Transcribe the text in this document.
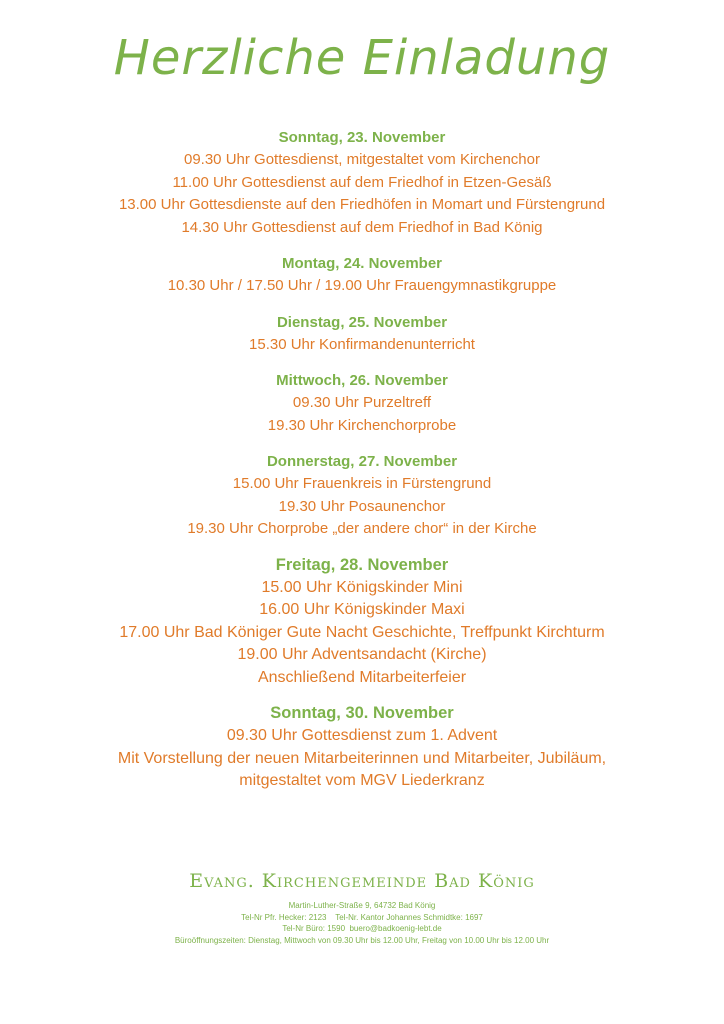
Herzliche Einladung
Sonntag, 23. November
09.30 Uhr Gottesdienst, mitgestaltet vom Kirchenchor
11.00 Uhr Gottesdienst auf dem Friedhof in Etzen-Gesäß
13.00 Uhr Gottesdienste auf den Friedhöfen in Momart und Fürstengrund
14.30 Uhr Gottesdienst auf dem Friedhof in Bad König
Montag, 24. November
10.30 Uhr / 17.50 Uhr / 19.00 Uhr Frauengymnastikgruppe
Dienstag, 25. November
15.30 Uhr Konfirmandenunterricht
Mittwoch, 26. November
09.30 Uhr Purzeltreff
19.30 Uhr Kirchenchorprobe
Donnerstag, 27. November
15.00 Uhr Frauenkreis in Fürstengrund
19.30 Uhr Posaunenchor
19.30 Uhr Chorprobe „der andere chor“ in der Kirche
Freitag, 28. November
15.00 Uhr Königskinder Mini
16.00 Uhr Königskinder Maxi
17.00 Uhr Bad Königer Gute Nacht Geschichte, Treffpunkt Kirchturm
19.00 Uhr Adventsandacht (Kirche)
Anschließend Mitarbeiterfeier
Sonntag, 30. November
09.30 Uhr Gottesdienst zum 1. Advent
Mit Vorstellung der neuen Mitarbeiterinnen und Mitarbeiter, Jubiläum,
mitgestaltet vom MGV Liederkranz
Evang. Kirchengemeinde Bad König
Martin-Luther-Straße 9, 64732 Bad König
Tel-Nr Pfr. Hecker: 2123    Tel-Nr. Kantor Johannes Schmidtke: 1697
Tel-Nr Büro: 1590  buero@badkoenig-lebt.de
Büroöffnungszeiten: Dienstag, Mittwoch von 09.30 Uhr bis 12.00 Uhr, Freitag von 10.00 Uhr bis 12.00 Uhr
